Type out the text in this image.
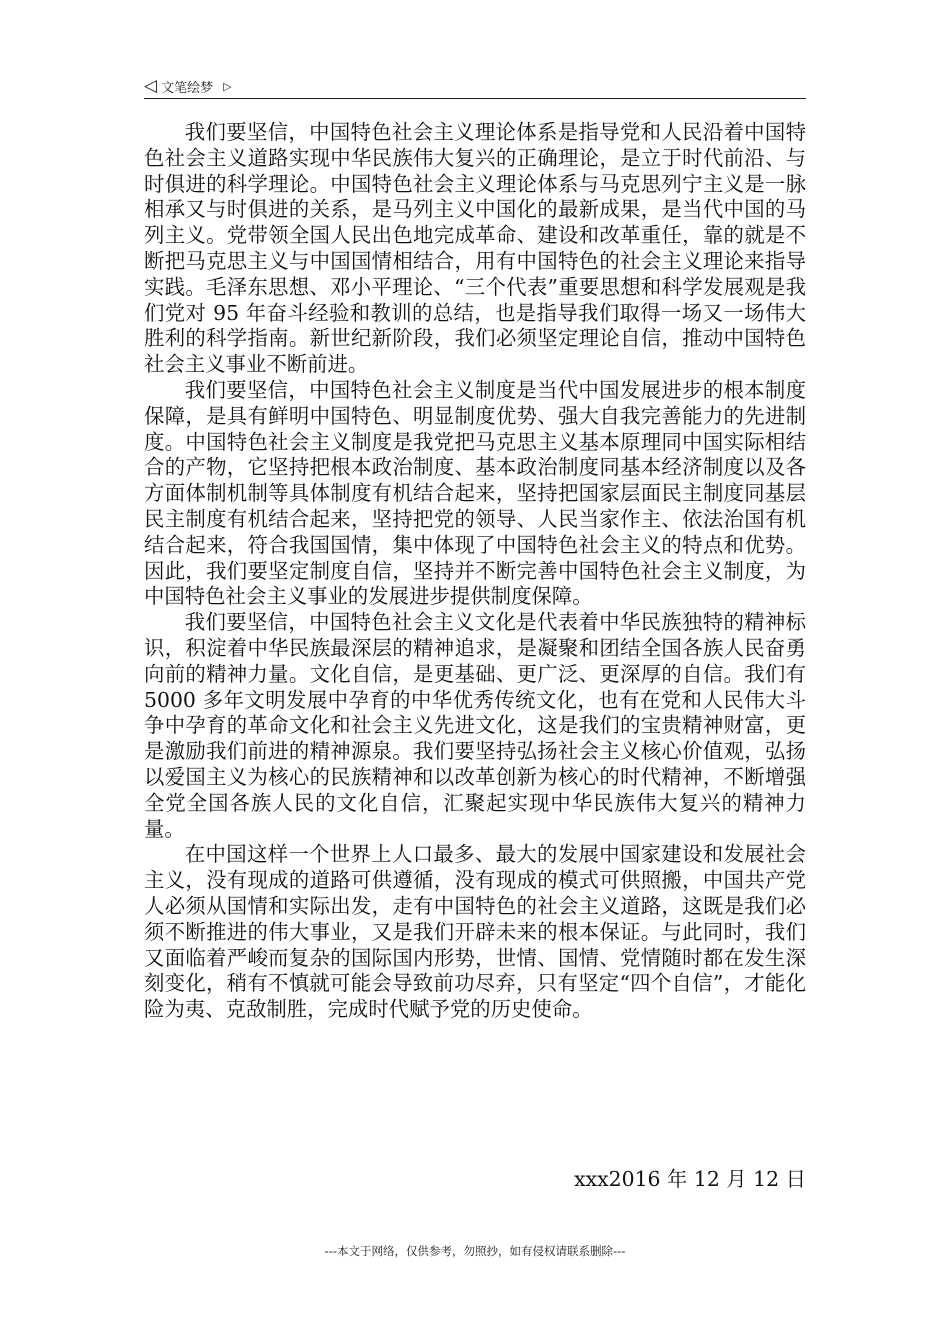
◁ 文笔绘梦 ▷

我们要坚信，中国特色社会主义理论体系是指导党和人民沿着中国特色社会主义道路实现中华民族伟大复兴的正确理论，是立于时代前沿、与时俱进的科学理论。中国特色社会主义理论体系与马克思列宁主义是一脉相承又与时俱进的关系，是马列主义中国化的最新成果，是当代中国的马列主义。党带领全国人民出色地完成革命、建设和改革重任，靠的就是不断把马克思主义与中国国情相结合，用有中国特色的社会主义理论来指导实践。毛泽东思想、邓小平理论、“三个代表”重要思想和科学发展观是我们党对 95 年奋斗经验和教训的总结，也是指导我们取得一场又一场伟大胜利的科学指南。新世纪新阶段，我们必须坚定理论自信，推动中国特色社会主义事业不断前进。

我们要坚信，中国特色社会主义制度是当代中国发展进步的根本制度保障，是具有鲜明中国特色、明显制度优势、强大自我完善能力的先进制度。中国特色社会主义制度是我党把马克思主义基本原理同中国实际相结合的产物，它坚持把根本政治制度、基本政治制度同基本经济制度以及各方面体制机制等具体制度有机结合起来，坚持把国家层面民主制度同基层民主制度有机结合起来，坚持把党的领导、人民当家作主、依法治国有机结合起来，符合我国国情，集中体现了中国特色社会主义的特点和优势。因此，我们要坚定制度自信，坚持并不断完善中国特色社会主义制度，为中国特色社会主义事业的发展进步提供制度保障。

我们要坚信，中国特色社会主义文化是代表着中华民族独特的精神标识，积淀着中华民族最深层的精神追求，是凝聚和团结全国各族人民奋勇向前的精神力量。文化自信，是更基础、更广泛、更深厚的自信。我们有 5000 多年文明发展中孕育的中华优秀传统文化，也有在党和人民伟大斗争中孕育的革命文化和社会主义先进文化，这是我们的宝贵精神财富，更是激励我们前进的精神源泉。我们要坚持弘扬社会主义核心价值观，弘扬以爱国主义为核心的民族精神和以改革创新为核心的时代精神，不断增强全党全国各族人民的文化自信，汇聚起实现中华民族伟大复兴的精神力量。

在中国这样一个世界上人口最多、最大的发展中国家建设和发展社会主义，没有现成的道路可供遵循，没有现成的模式可供照搬，中国共产党人必须从国情和实际出发，走有中国特色的社会主义道路，这既是我们必须不断推进的伟大事业，又是我们开辟未来的根本保证。与此同时，我们又面临着严峻而复杂的国际国内形势，世情、国情、党情随时都在发生深刻变化，稍有不慎就可能会导致前功尽弃，只有坚定“四个自信”，才能化险为夷、克敌制胜，完成时代赋予党的历史使命。

xxx2016 年 12 月 12 日
---本文于网络，仅供参考，勿照抄，如有侵权请联系删除---
